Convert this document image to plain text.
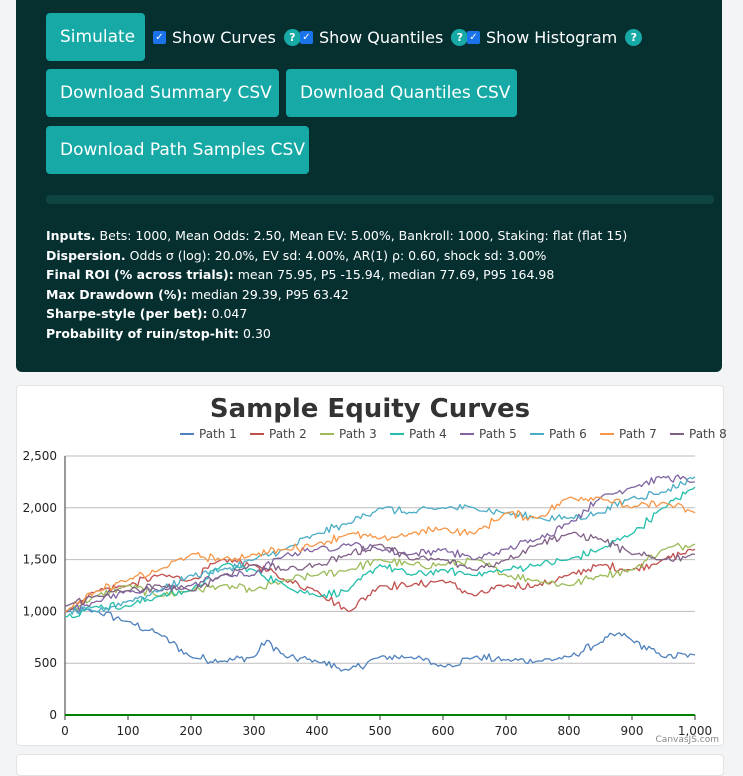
Simulate	✓ Show Curves	? ✓ Show Quantiles	? ✓ Show Histogram	?
Download Summary CSV	Download Quantiles CSV
Download Path Samples CSV
Inputs. Bets: 1000, Mean Odds: 2.50, Mean EV: 5.00%, Bankroll: 1000, Staking: flat (flat 15)
Dispersion. Odds σ (log): 20.0%, EV sd: 4.00%, AR(1) ρ: 0.60, shock sd: 3.00%
Final ROI (% across trials): mean 75.95, P5 -15.94, median 77.69, P95 164.98
Max Drawdown (%): median 29.39, P95 63.42
Sharpe-style (per bet): 0.047
Probability of ruin/stop-hit: 0.30
Sample Equity Curves
Path 1	Path 2	Path 3	Path 4	Path 5	Path 6	Path 7	Path 8
0
500
1,000
1,500
2,000
2,500
0	100	200	300	400	500	600	700	800	900	1,000
CanvasJS.com
